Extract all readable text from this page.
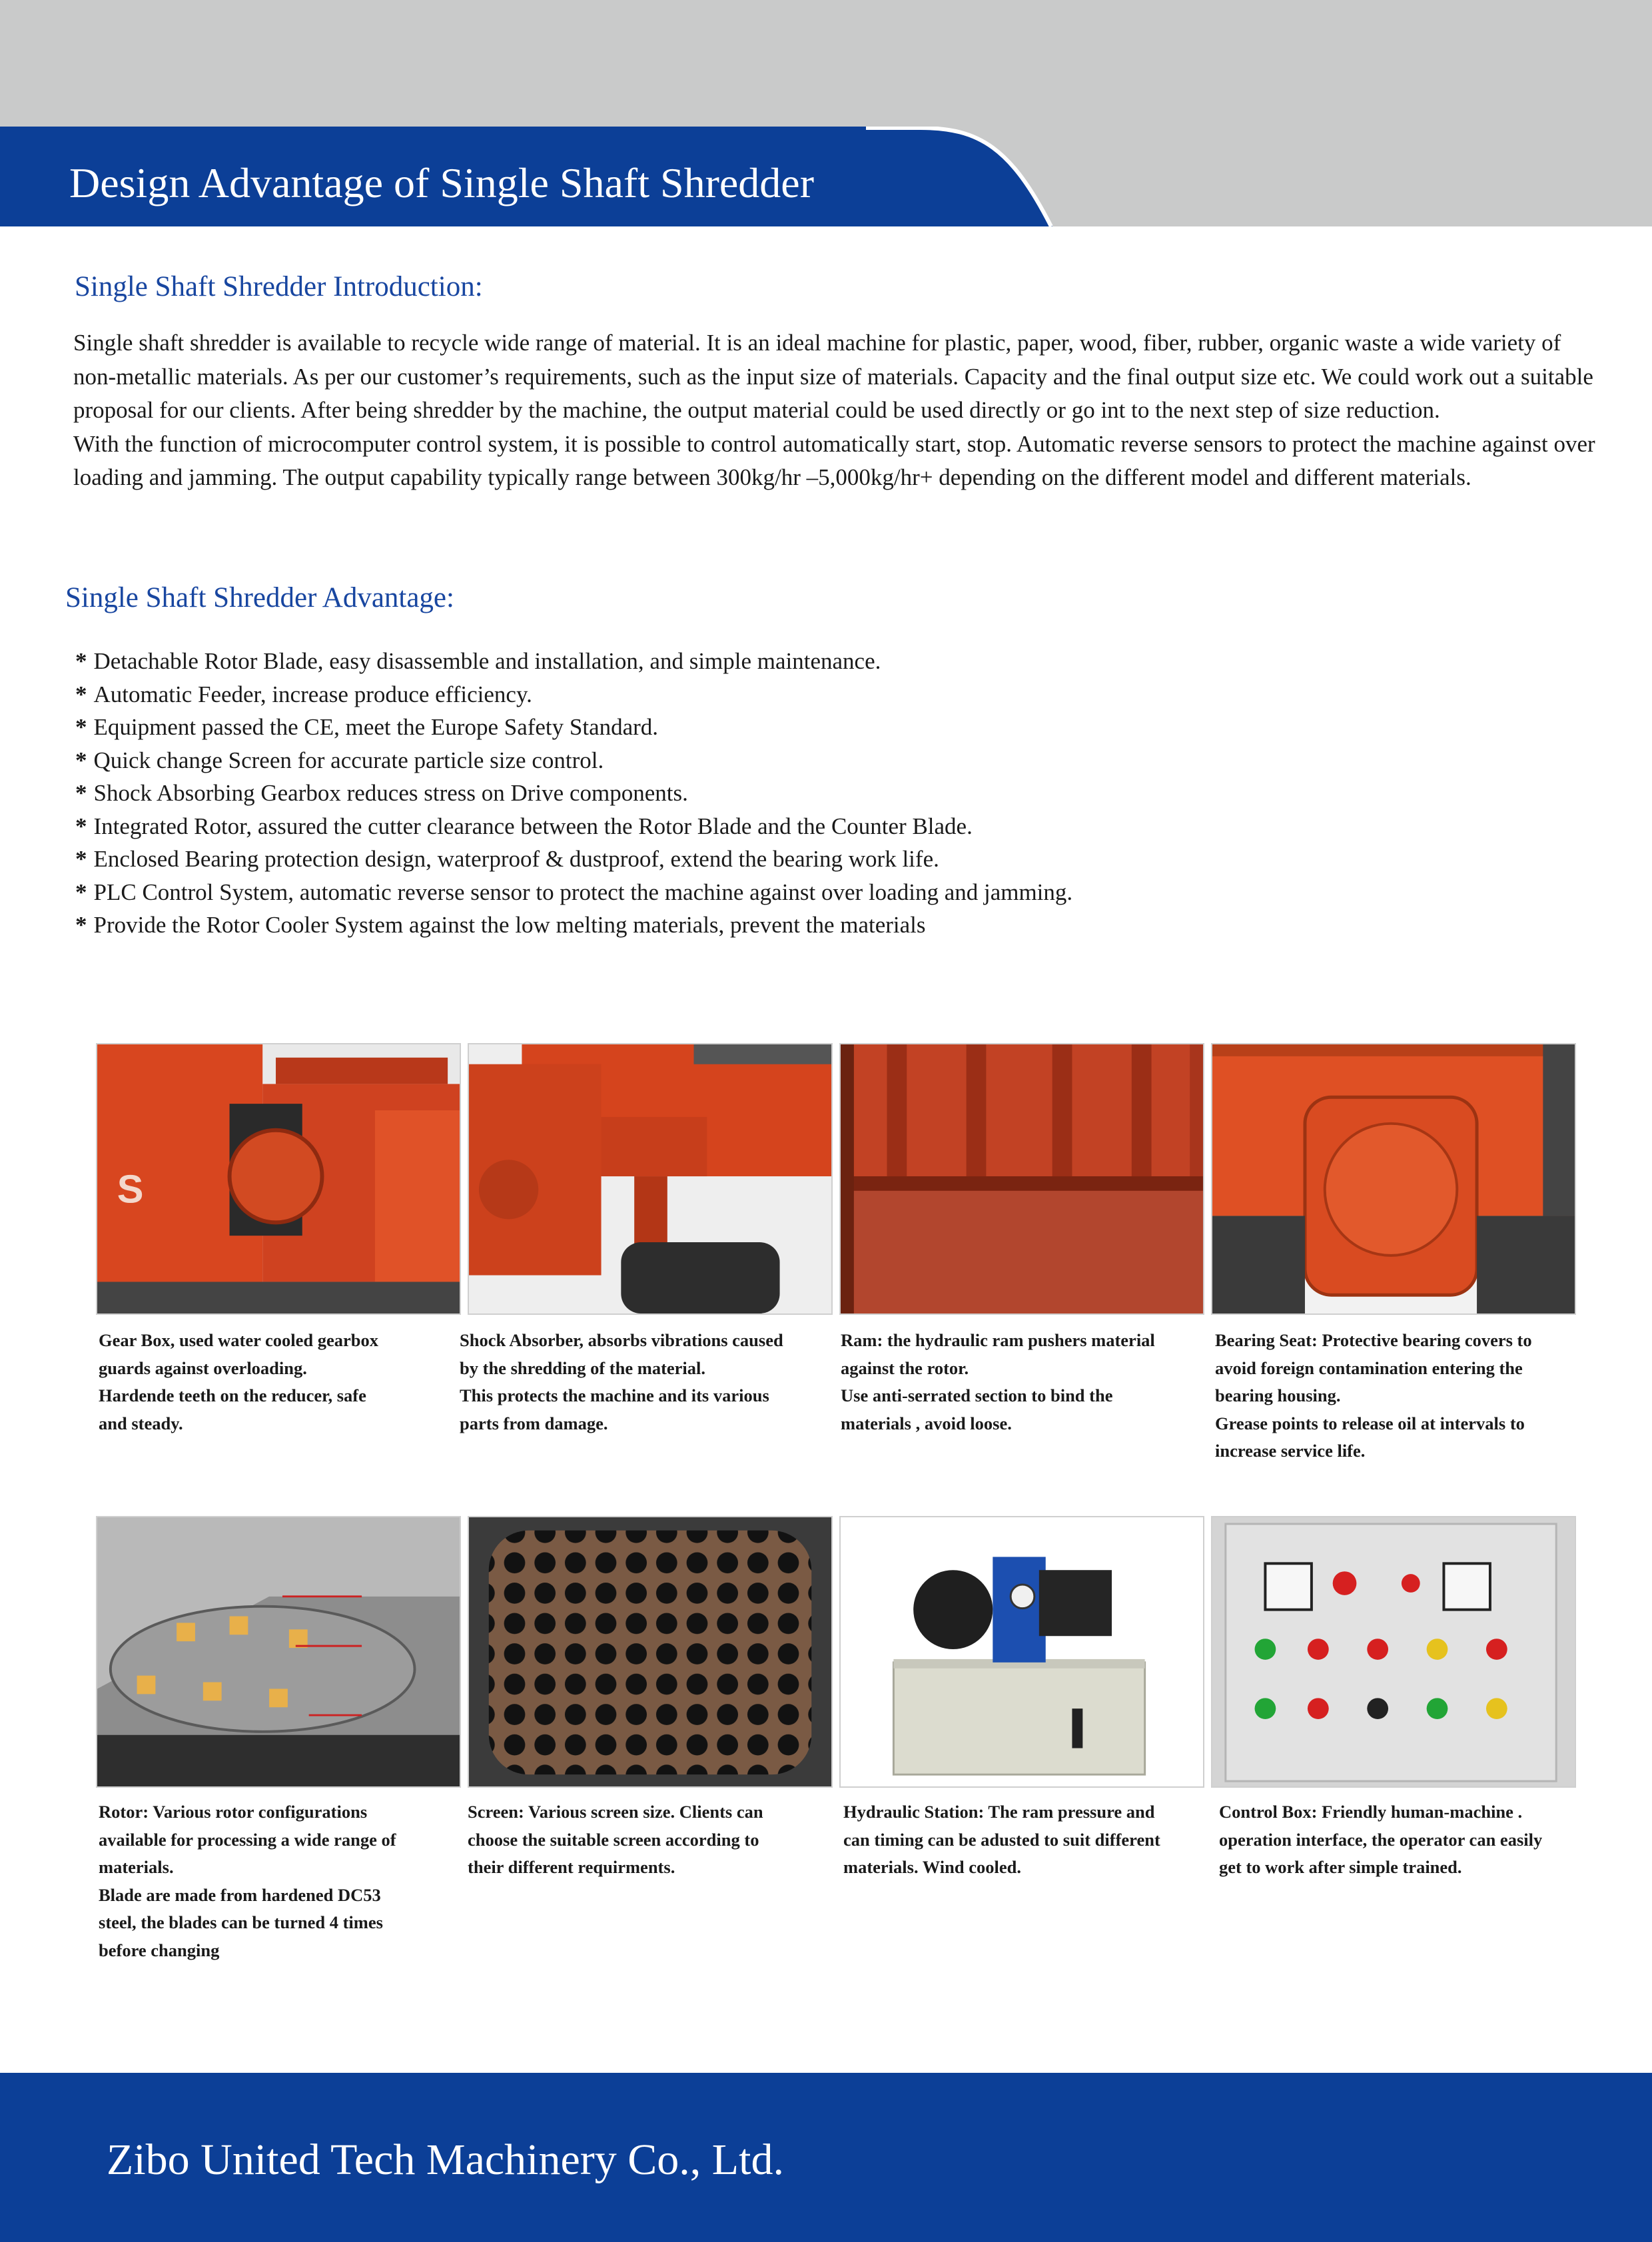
Design Advantage of Single Shaft Shredder
Single Shaft Shredder Introduction:

Single shaft shredder is available to recycle wide range of material. It is an ideal machine for plastic, paper, wood, fiber, rubber, organic waste a wide variety of non-metallic materials. As per our customer’s requirements, such as the input size of materials. Capacity and the final output size etc. We could work out a suitable proposal for our clients. After being shredder by the machine, the output material could be used directly or go int to the next step of size reduction.

With the function of microcomputer control system, it is possible to control automatically start, stop. Automatic reverse sensors to protect the machine against over loading and jamming. The output capability typically range between 300kg/hr –5,000kg/hr+ depending on the different model and different materials.

Single Shaft Shredder Advantage:
* Detachable Rotor Blade, easy disassemble and installation, and simple maintenance.
* Automatic Feeder, increase produce efficiency.
* Equipment passed the CE, meet the Europe Safety Standard.
* Quick change Screen for accurate particle size control.
* Shock Absorbing Gearbox reduces stress on Drive components.
* Integrated Rotor, assured the cutter clearance between the Rotor Blade and the Counter Blade.
* Enclosed Bearing protection design, waterproof & dustproof, extend the bearing work life.
* PLC Control System, automatic reverse sensor to protect the machine against over loading and jamming.
* Provide the Rotor Cooler System against the low melting materials, prevent the materials
S

Gear Box, used water cooled gearbox
guards against overloading.
Hardende teeth on the reducer, safe
and steady.

Shock Absorber, absorbs vibrations caused
by the shredding of the material.
This protects the machine and its various
parts from damage.

Ram: the hydraulic ram pushers material
against the rotor.
Use anti-serrated section to bind the
materials , avoid loose.

Bearing Seat: Protective bearing covers to
avoid foreign contamination entering the
bearing housing.
Grease points to release oil at intervals to
increase service life.

Rotor: Various rotor configurations
available for processing a wide range of
materials.
Blade are made from hardened DC53
steel, the blades can be turned 4 times
before changing

Screen: Various screen size. Clients can
choose the suitable screen according to
their different requirments.

Hydraulic Station: The ram pressure and
can timing can be adusted to suit different
materials. Wind cooled.

Control Box: Friendly human-machine .
operation interface, the operator can easily
get to work after simple trained.

Zibo United Tech Machinery Co., Ltd.
